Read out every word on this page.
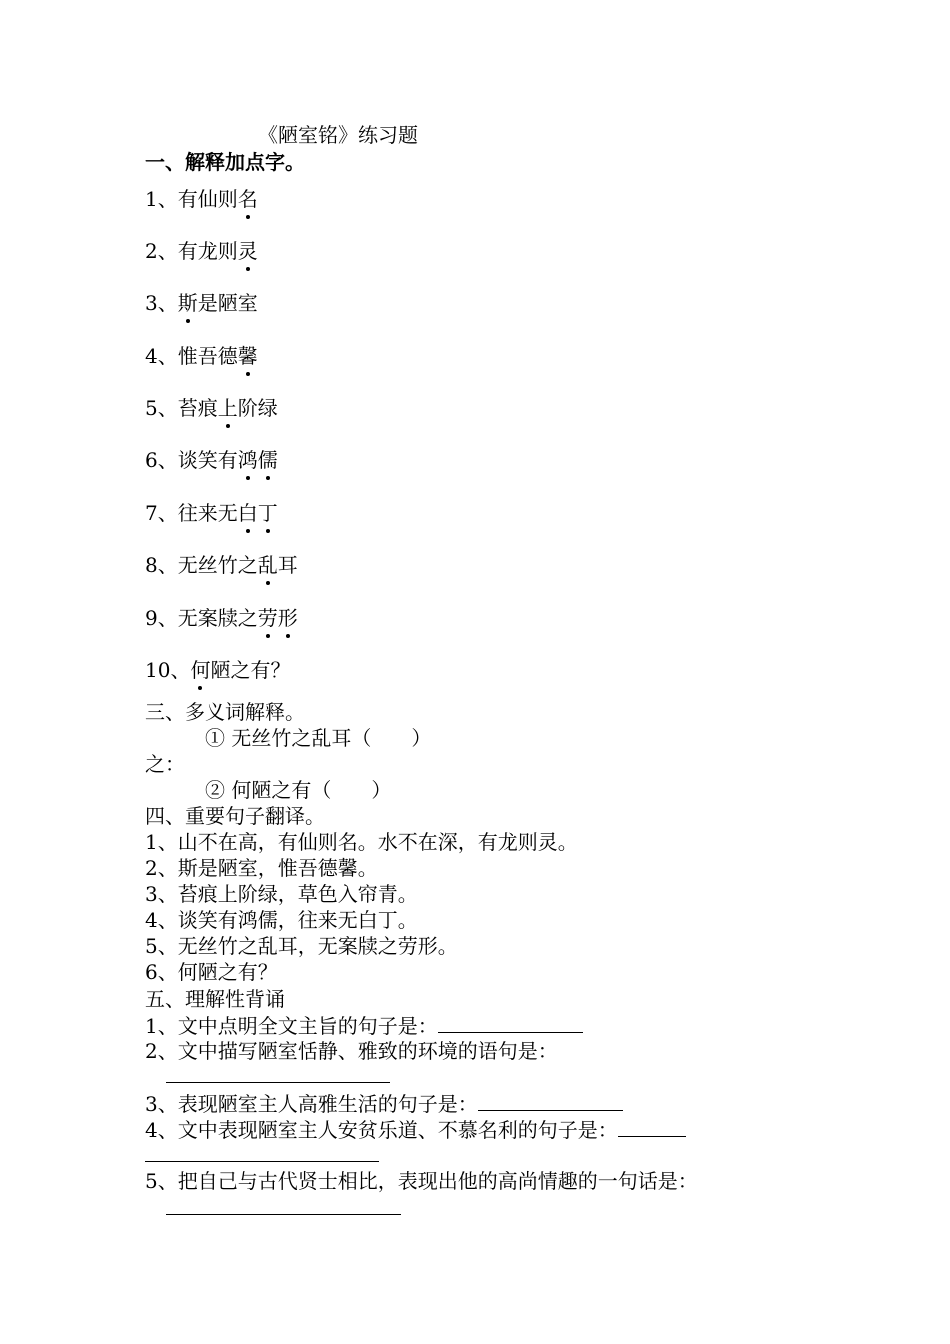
《陋室铭》练习题
一、解释加点字。
1、有仙则名
2、有龙则灵
3、斯是陋室
4、惟吾德馨
5、苔痕上阶绿
6、谈笑有鸿儒
7、往来无白丁
8、无丝竹之乱耳
9、无案牍之劳形
10、何陋之有？
三、多义词解释。
① 无丝竹之乱耳（　　）
之：
② 何陋之有（　　）
四、重要句子翻译。
1、山不在高，有仙则名。水不在深，有龙则灵。
2、斯是陋室，惟吾德馨。
3、苔痕上阶绿，草色入帘青。
4、谈笑有鸿儒，往来无白丁。
5、无丝竹之乱耳，无案牍之劳形。
6、何陋之有？
五、理解性背诵
1、文中点明全文主旨的句子是：
2、文中描写陋室恬静、雅致的环境的语句是：
3、表现陋室主人高雅生活的句子是：
4、文中表现陋室主人安贫乐道、不慕名利的句子是：
5、把自己与古代贤士相比，表现出他的高尚情趣的一句话是：
